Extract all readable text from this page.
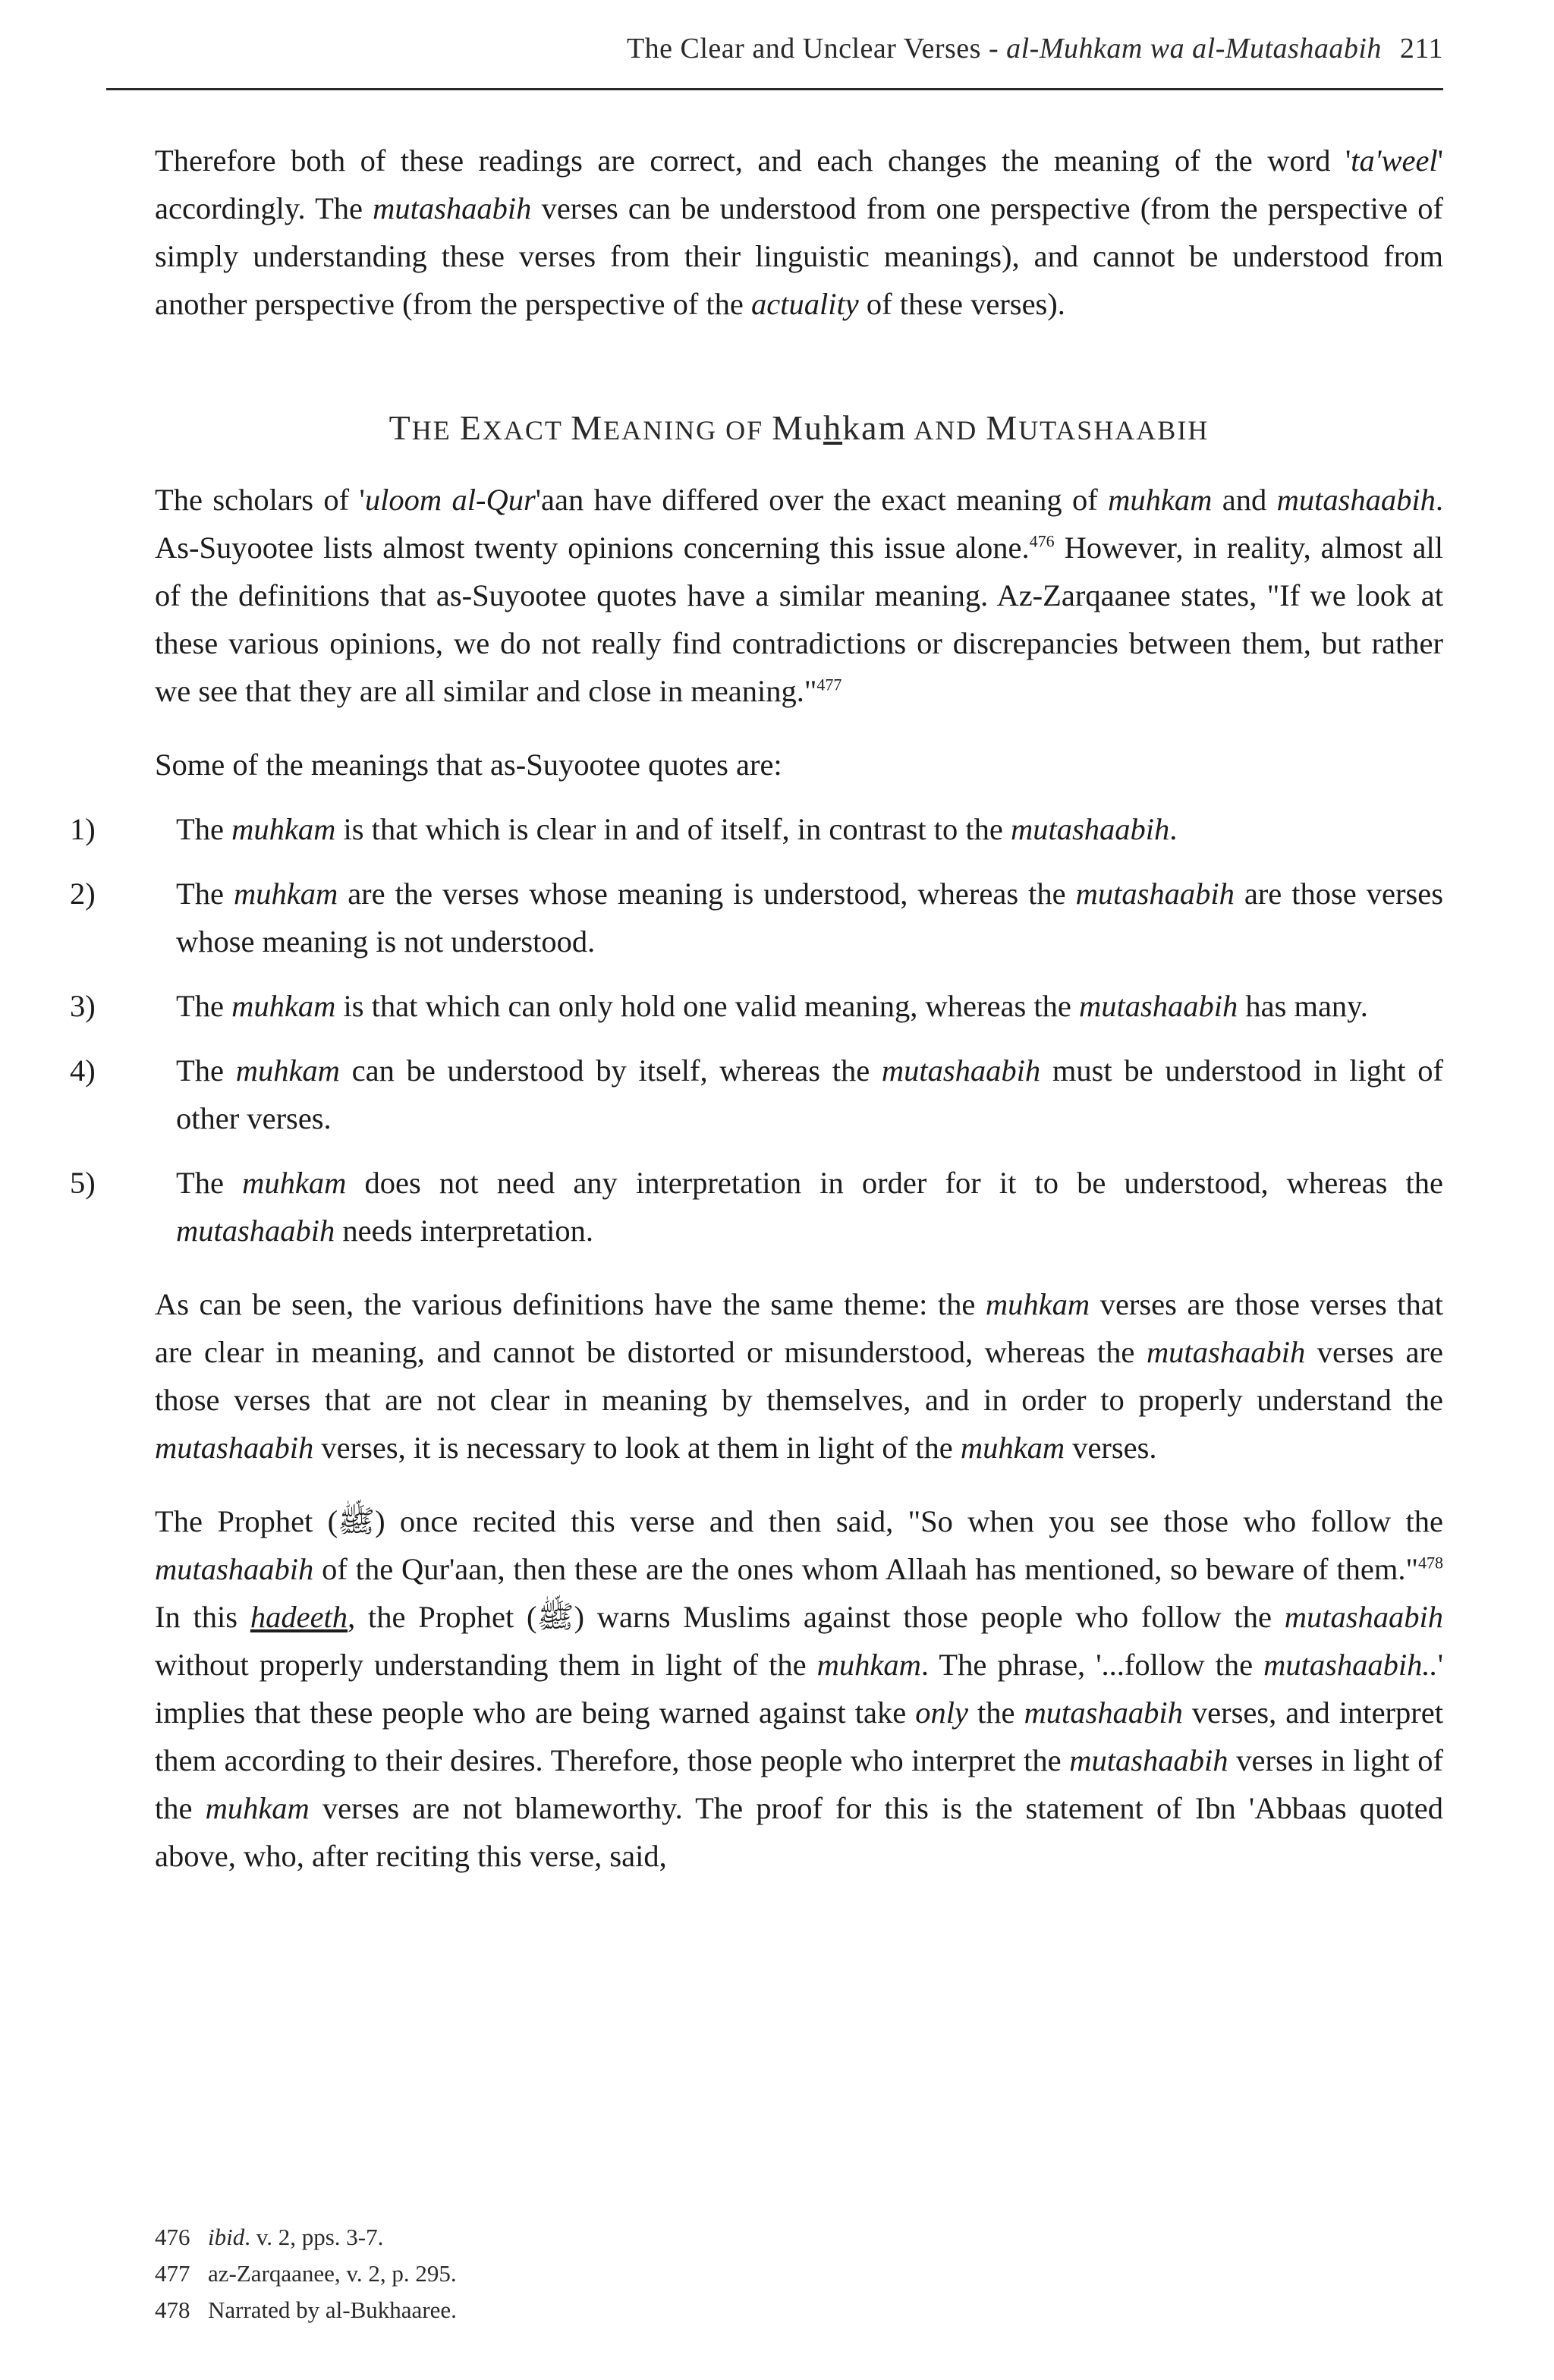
The Clear and Unclear Verses - al-Muhkam wa al-Mutashaabih 211

Therefore both of these readings are correct, and each changes the meaning of the word 'ta'weel' accordingly. The mutashaabih verses can be understood from one perspective (from the perspective of simply understanding these verses from their linguistic meanings), and cannot be understood from another perspective (from the perspective of the actuality of these verses).

THE EXACT MEANING OF Muhkam AND MUTASHAABIH

The scholars of 'uloom al-Qur'aan have differed over the exact meaning of muhkam and mutashaabih. As-Suyootee lists almost twenty opinions concerning this issue alone.$^{476}$ However, in reality, almost all of the definitions that as-Suyootee quotes have a similar meaning. Az-Zarqaanee states, "If we look at these various opinions, we do not really find contradictions or discrepancies between them, but rather we see that they are all similar and close in meaning."$^{477}$

Some of the meanings that as-Suyootee quotes are:

1)	The muhkam is that which is clear in and of itself, in contrast to the mutashaabih.
2)	The muhkam are the verses whose meaning is understood, whereas the mutashaabih are those verses whose meaning is not understood.
3)	The muhkam is that which can only hold one valid meaning, whereas the mutashaabih has many.
4)	The muhkam can be understood by itself, whereas the mutashaabih must be understood in light of other verses.
5)	The muhkam does not need any interpretation in order for it to be understood, whereas the mutashaabih needs interpretation.

As can be seen, the various definitions have the same theme: the muhkam verses are those verses that are clear in meaning, and cannot be distorted or misunderstood, whereas the mutashaabih verses are those verses that are not clear in meaning by themselves, and in order to properly understand the mutashaabih verses, it is necessary to look at them in light of the muhkam verses.

The Prophet (ﷺ) once recited this verse and then said, "So when you see those who follow the mutashaabih of the Qur'aan, then these are the ones whom Allaah has mentioned, so beware of them."$^{478}$ In this hadeeth, the Prophet (ﷺ) warns Muslims against those people who follow the mutashaabih without properly understanding them in light of the muhkam. The phrase, '...follow the mutashaabih..' implies that these people who are being warned against take only the mutashaabih verses, and interpret them according to their desires. Therefore, those people who interpret the mutashaabih verses in light of the muhkam verses are not blameworthy. The proof for this is the statement of Ibn 'Abbaas quoted above, who, after reciting this verse, said,

476 ibid. v. 2, pps. 3-7.
477 az-Zarqaanee, v. 2, p. 295.
478 Narrated by al-Bukhaaree.
